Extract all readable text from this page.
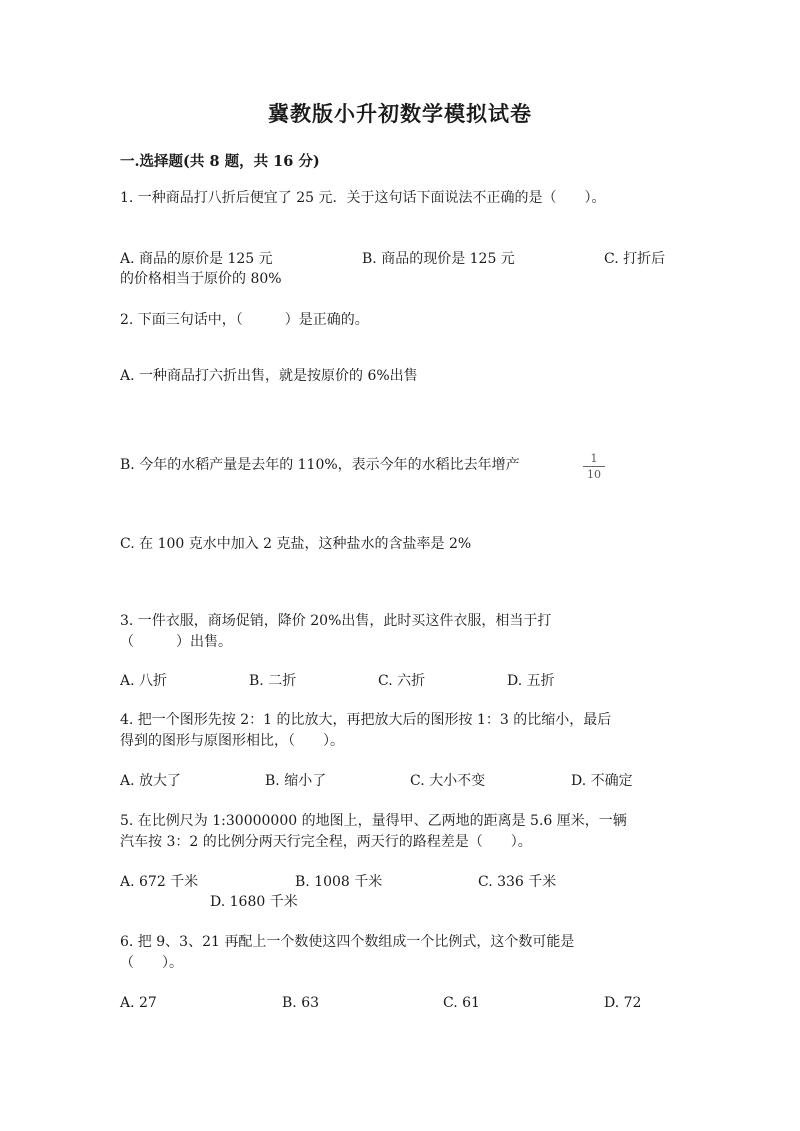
冀教版小升初数学模拟试卷
一.选择题(共 8 题，共 16 分)
1. 一种商品打八折后便宜了 25 元．关于这句话下面说法不正确的是（　　）。
A. 商品的原价是 125 元	B. 商品的现价是 125 元	C. 打折后
的价格相当于原价的 80%
2. 下面三句话中，（　　　）是正确的。
A. 一种商品打六折出售，就是按原价的 6%出售
B. 今年的水稻产量是去年的 110%，表示今年的水稻比去年增产	1
10
C. 在 100 克水中加入 2 克盐，这种盐水的含盐率是 2%
3. 一件衣服，商场促销，降价 20%出售，此时买这件衣服，相当于打
（　　　）出售。
A. 八折	B. 二折	C. 六折	D. 五折
4. 把一个图形先按 2：1 的比放大，再把放大后的图形按 1：3 的比缩小，最后
得到的图形与原图形相比，（　　）。
A. 放大了	B. 缩小了	C. 大小不变	D. 不确定
5. 在比例尺为 1:30000000 的地图上，量得甲、乙两地的距离是 5.6 厘米，一辆
汽车按 3：2 的比例分两天行完全程，两天行的路程差是（　　）。
A. 672 千米	B. 1008 千米	C. 336 千米
D. 1680 千米
6. 把 9、3、21 再配上一个数使这四个数组成一个比例式，这个数可能是
（　　）。
A. 27	B. 63	C. 61	D. 72
